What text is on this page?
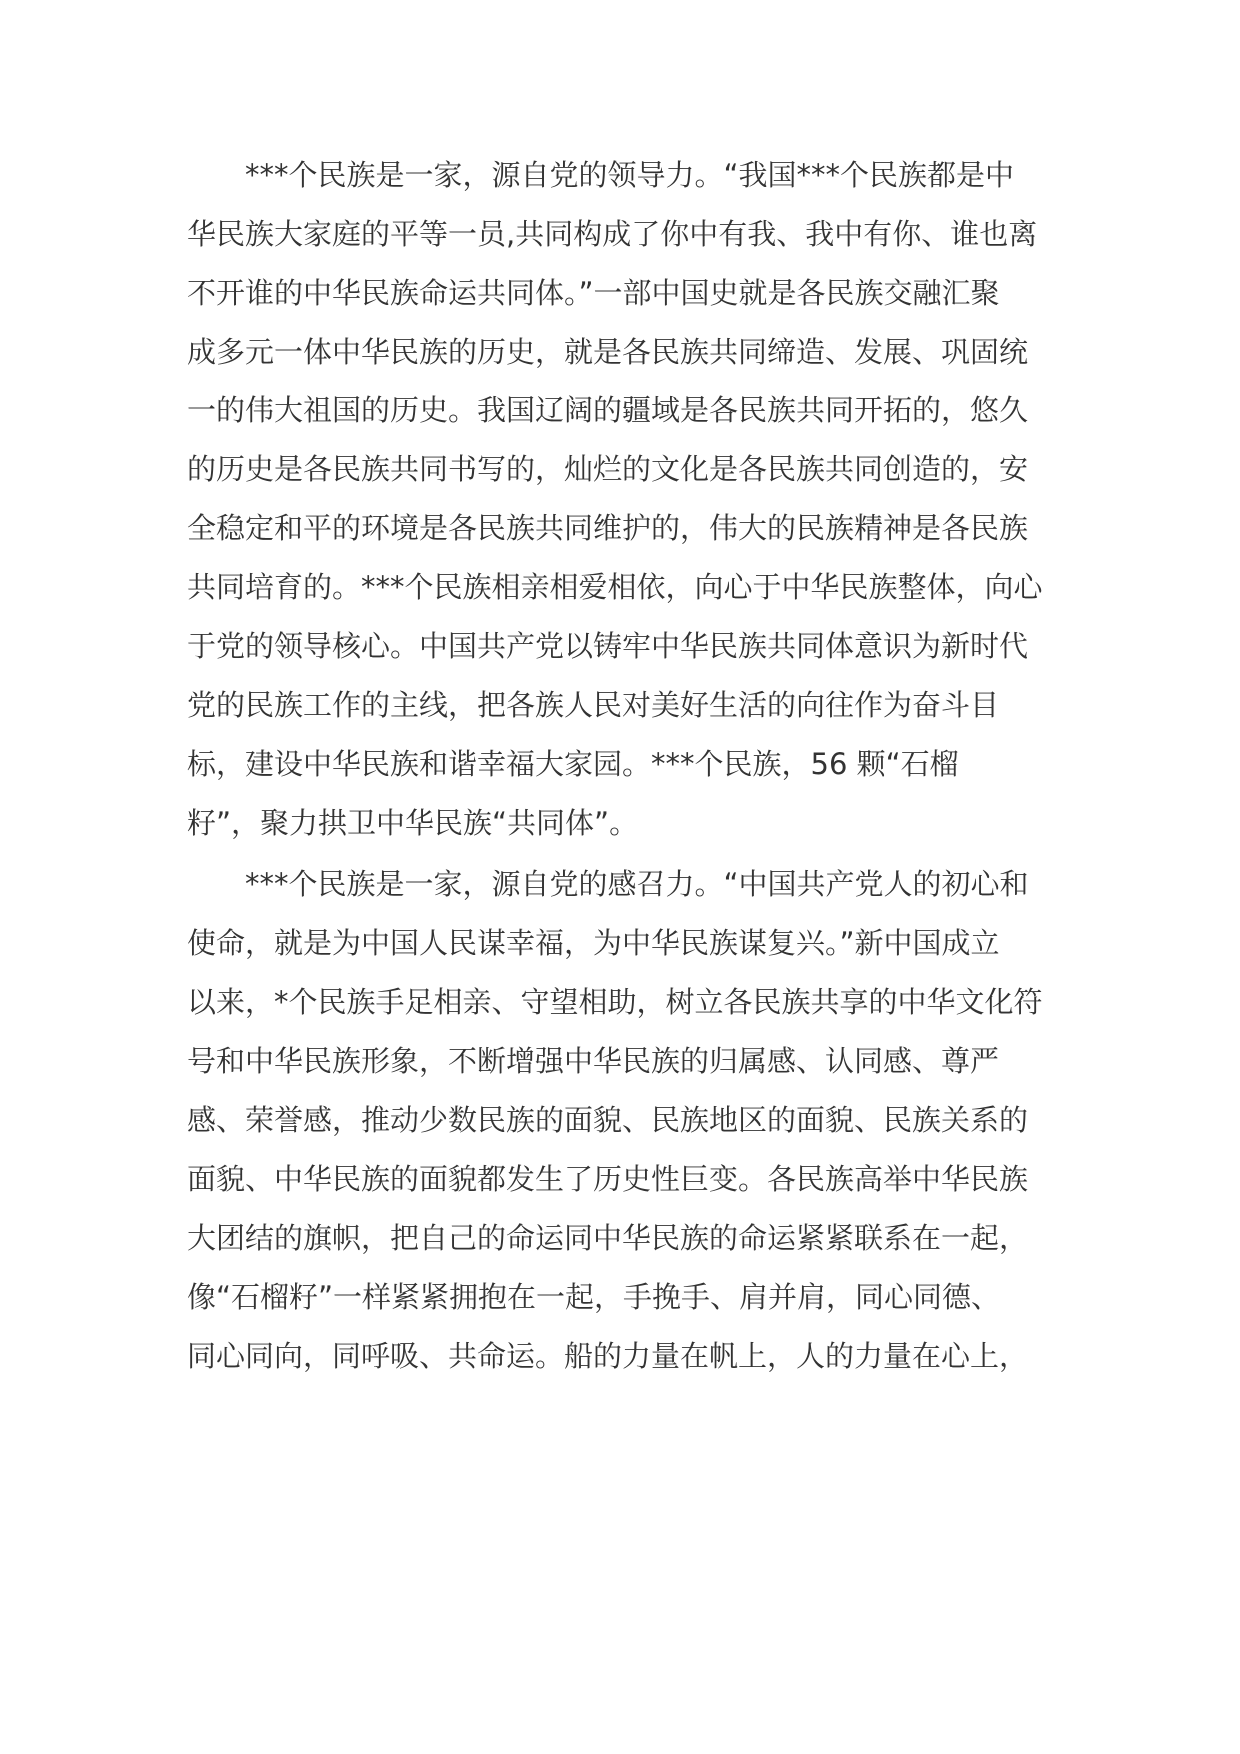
***个民族是一家，源自党的领导力。“我国***个民族都是中
华民族大家庭的平等一员,共同构成了你中有我、我中有你、谁也离
不开谁的中华民族命运共同体。”一部中国史就是各民族交融汇聚
成多元一体中华民族的历史，就是各民族共同缔造、发展、巩固统
一的伟大祖国的历史。我国辽阔的疆域是各民族共同开拓的，悠久
的历史是各民族共同书写的，灿烂的文化是各民族共同创造的，安
全稳定和平的环境是各民族共同维护的，伟大的民族精神是各民族
共同培育的。***个民族相亲相爱相依，向心于中华民族整体，向心
于党的领导核心。中国共产党以铸牢中华民族共同体意识为新时代
党的民族工作的主线，把各族人民对美好生活的向往作为奋斗目
标，建设中华民族和谐幸福大家园。***个民族，56 颗“石榴
籽”，聚力拱卫中华民族“共同体”。
***个民族是一家，源自党的感召力。“中国共产党人的初心和
使命，就是为中国人民谋幸福，为中华民族谋复兴。”新中国成立
以来，*个民族手足相亲、守望相助，树立各民族共享的中华文化符
号和中华民族形象，不断增强中华民族的归属感、认同感、尊严
感、荣誉感，推动少数民族的面貌、民族地区的面貌、民族关系的
面貌、中华民族的面貌都发生了历史性巨变。各民族高举中华民族
大团结的旗帜，把自己的命运同中华民族的命运紧紧联系在一起，
像“石榴籽”一样紧紧拥抱在一起，手挽手、肩并肩，同心同德、
同心同向，同呼吸、共命运。船的力量在帆上，人的力量在心上，
